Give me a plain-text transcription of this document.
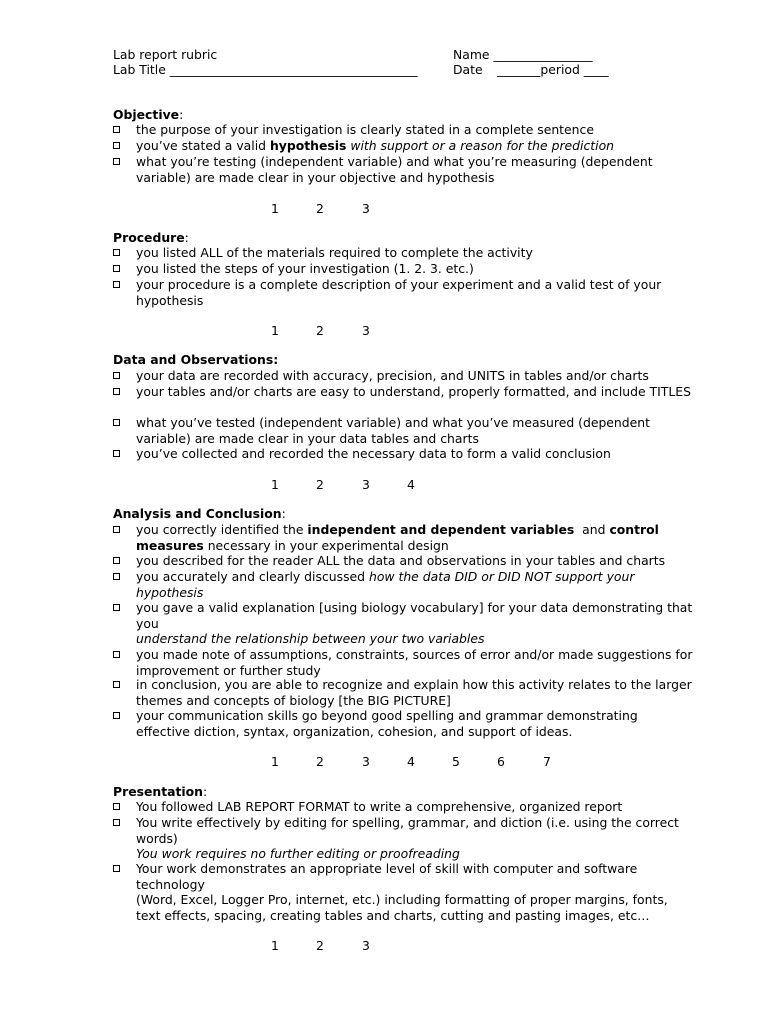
Lab report rubric
Lab Title ________________________________________
Name ________________
Date _______period ____
Objective:
the purpose of your investigation is clearly stated in a complete sentence
you’ve stated a valid hypothesis with support or a reason for the prediction
what you’re testing (independent variable) and what you’re measuring (dependent variable) are made clear in your objective and hypothesis
1	2	3
Procedure:
you listed ALL of the materials required to complete the activity
you listed the steps of your investigation (1. 2. 3. etc.)
your procedure is a complete description of your experiment and a valid test of your hypothesis
1	2	3
Data and Observations:
your data are recorded with accuracy, precision, and UNITS in tables and/or charts
your tables and/or charts are easy to understand, properly formatted, and include TITLES
what you’ve tested (independent variable) and what you’ve measured (dependent variable) are made clear in your data tables and charts
you’ve collected and recorded the necessary data to form a valid conclusion
1	2	3	4
Analysis and Conclusion:
you correctly identified the independent and dependent variables  and control measures necessary in your experimental design
you described for the reader ALL the data and observations in your tables and charts
you accurately and clearly discussed how the data DID or DID NOT support your hypothesis
you gave a valid explanation [using biology vocabulary] for your data demonstrating that you
understand the relationship between your two variables
you made note of assumptions, constraints, sources of error and/or made suggestions for improvement or further study
in conclusion, you are able to recognize and explain how this activity relates to the larger themes and concepts of biology [the BIG PICTURE]
your communication skills go beyond good spelling and grammar demonstrating effective diction, syntax, organization, cohesion, and support of ideas.
1	2	3	4	5	6	7
Presentation:
You followed LAB REPORT FORMAT to write a comprehensive, organized report
You write effectively by editing for spelling, grammar, and diction (i.e. using the correct words)
You work requires no further editing or proofreading
Your work demonstrates an appropriate level of skill with computer and software technology
(Word, Excel, Logger Pro, internet, etc.) including formatting of proper margins, fonts, text effects, spacing, creating tables and charts, cutting and pasting images, etc…
1	2	3
